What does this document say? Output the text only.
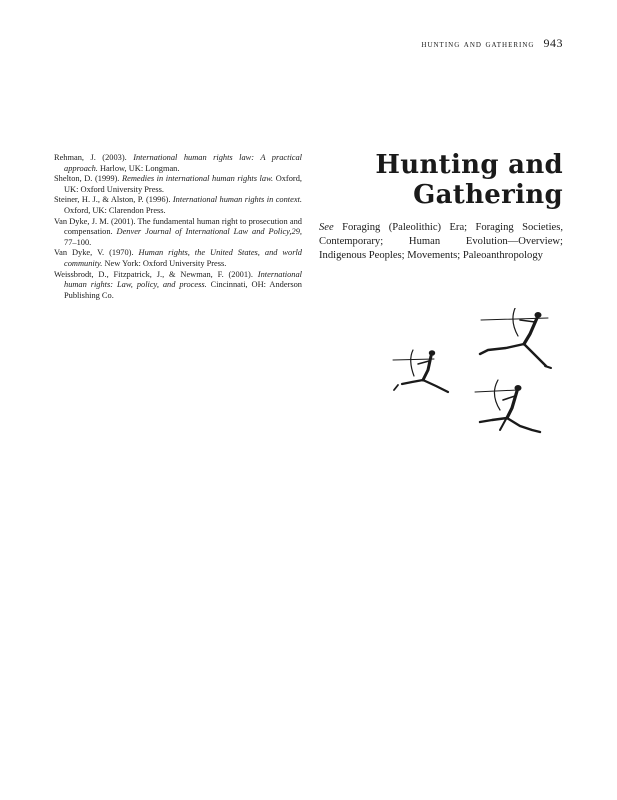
hunting and gathering 943
Rehman, J. (2003). International human rights law: A practical approach. Harlow, UK: Longman.
Shelton, D. (1999). Remedies in international human rights law. Oxford, UK: Oxford University Press.
Steiner, H. J., & Alston, P. (1996). International human rights in context. Oxford, UK: Clarendon Press.
Van Dyke, J. M. (2001). The fundamental human right to prosecution and compensation. Denver Journal of International Law and Policy,29, 77–100.
Van Dyke, V. (1970). Human rights, the United States, and world community. New York: Oxford University Press.
Weissbrodt, D., Fitzpatrick, J., & Newman, F. (2001). International human rights: Law, policy, and process. Cincinnati, OH: Anderson Publishing Co.
Hunting and
Gathering

See Foraging (Paleolithic) Era; Foraging Societies, Contemporary; Human Evolution—Overview; Indigenous Peoples; Movements; Paleoanthropology
